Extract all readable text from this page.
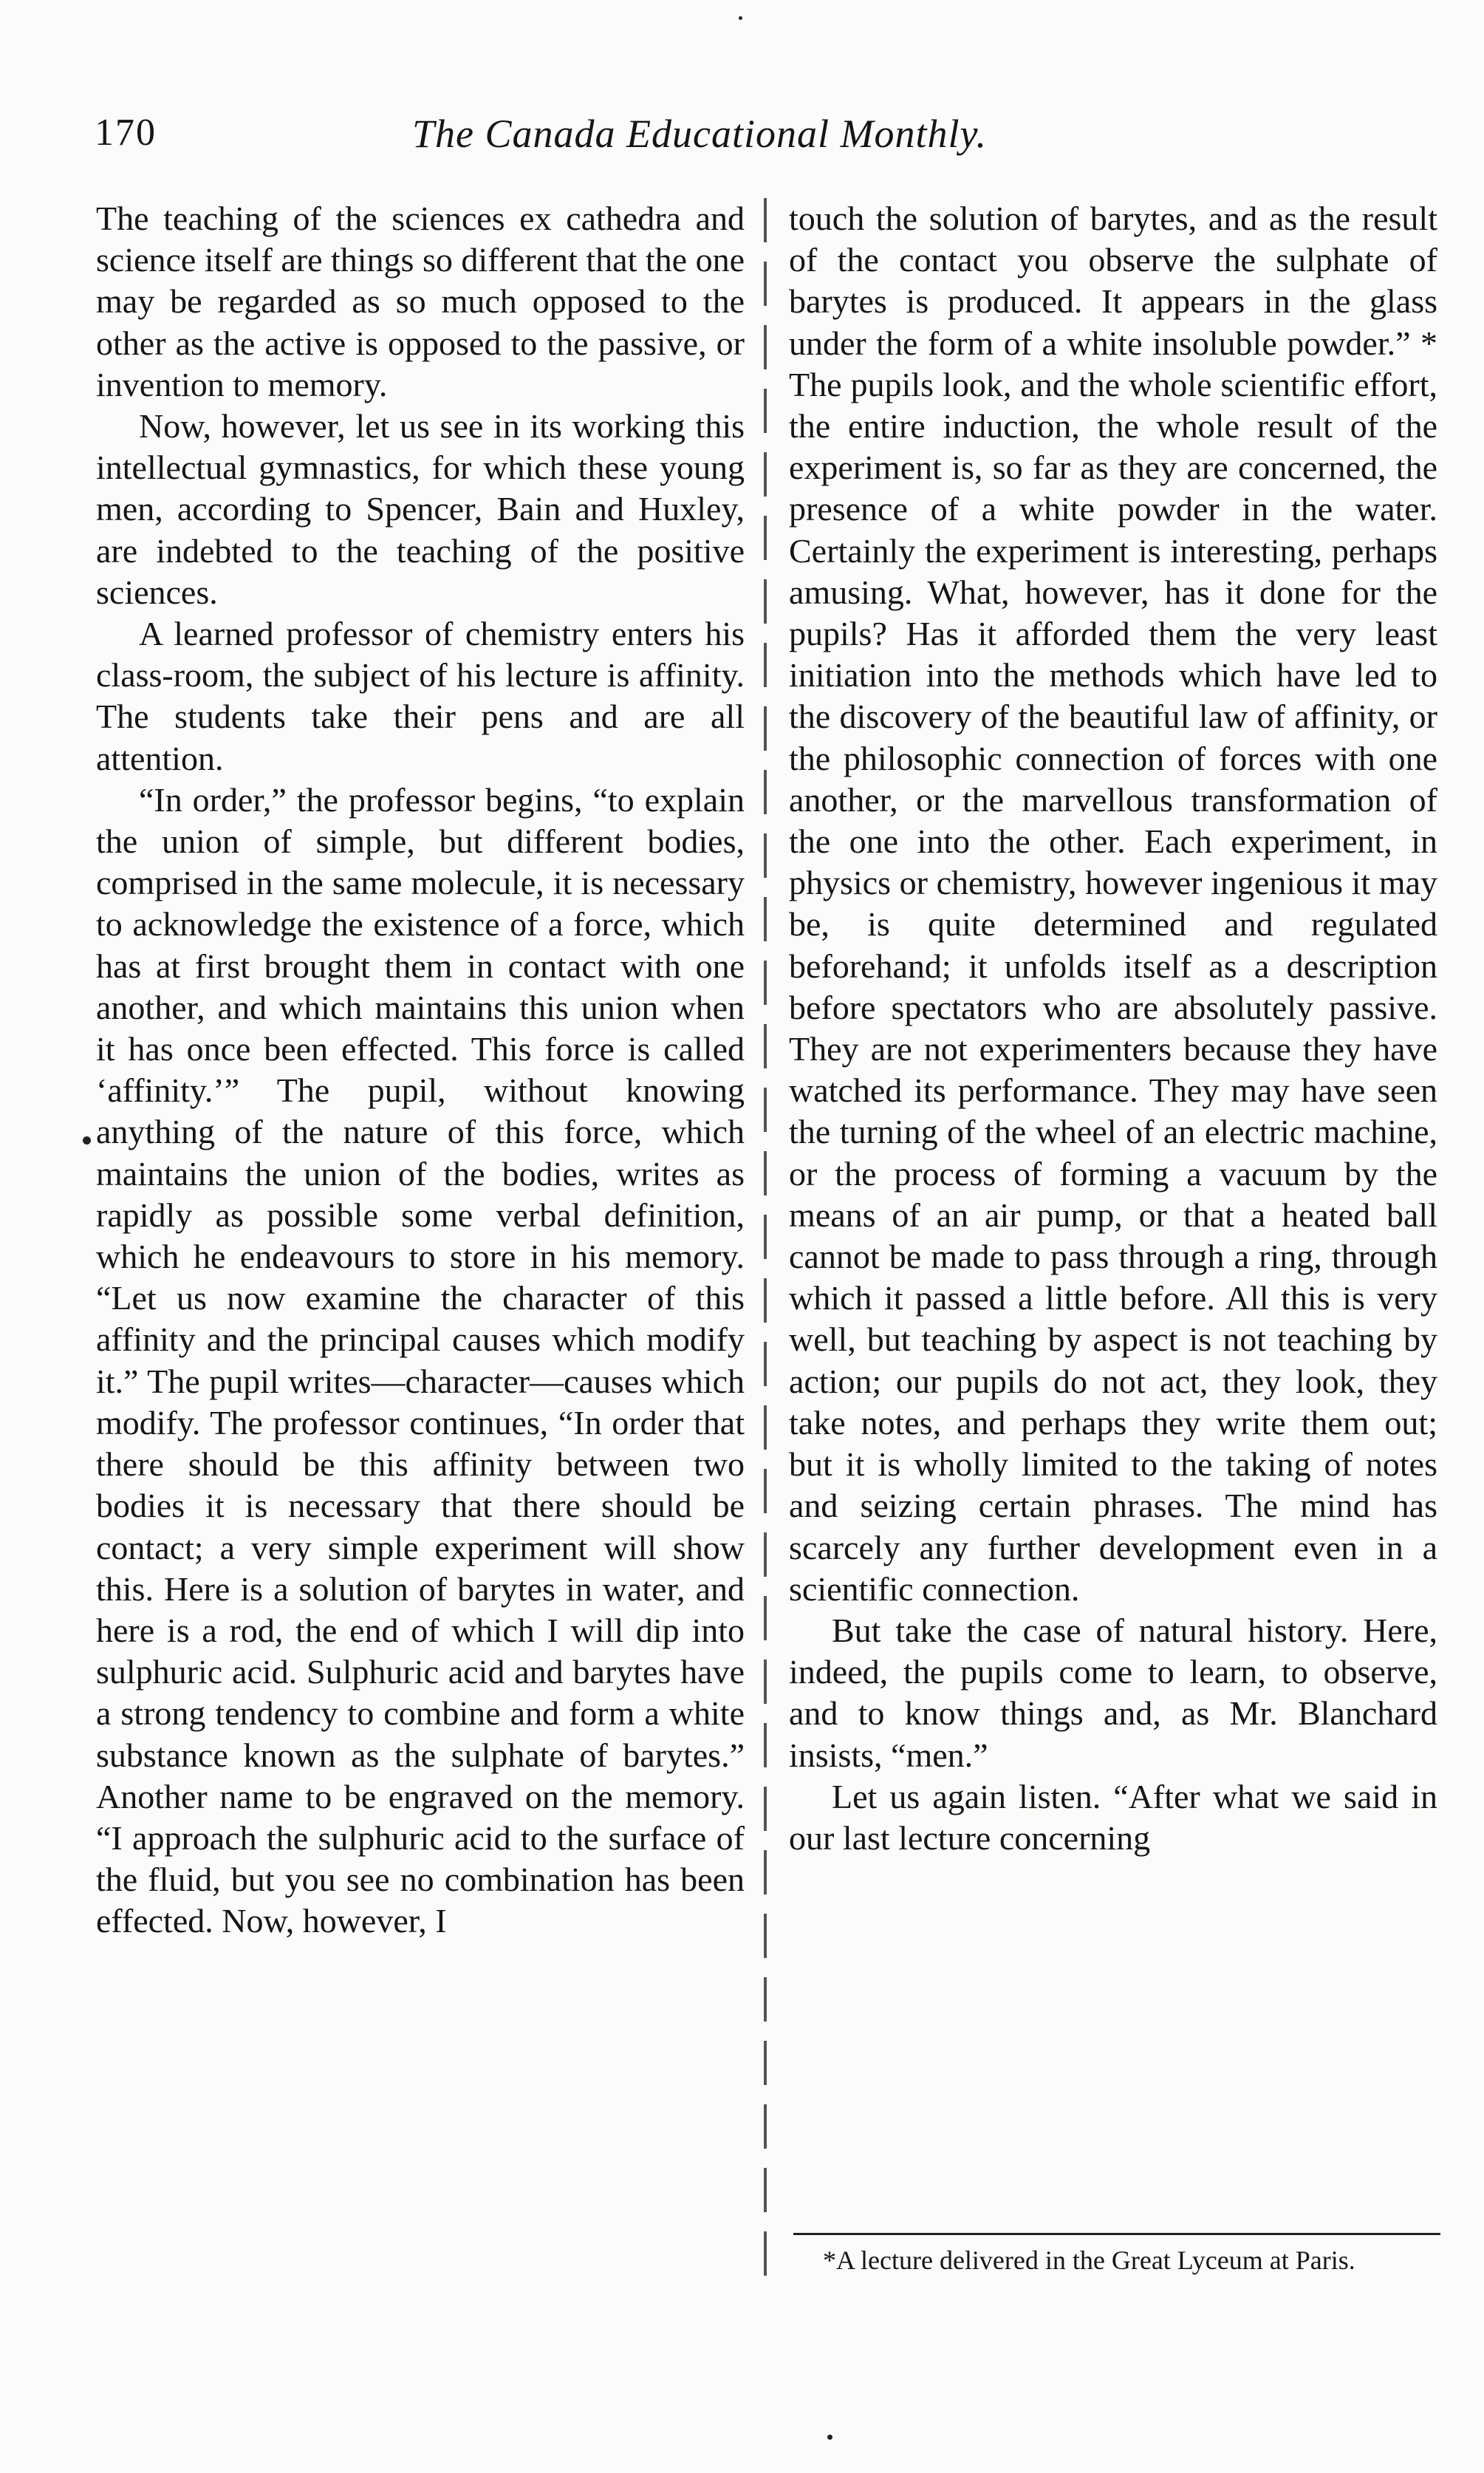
170	The Canada Educational Monthly.

The teaching of the sciences ex cathedra and science itself are things so different that the one may be regarded as so much opposed to the other as the active is opposed to the passive, or invention to memory.

Now, however, let us see in its working this intellectual gymnastics, for which these young men, according to Spencer, Bain and Huxley, are indebted to the teaching of the positive sciences.

A learned professor of chemistry enters his class-room, the subject of his lecture is affinity. The students take their pens and are all attention.

“In order,” the professor begins, “to explain the union of simple, but different bodies, comprised in the same molecule, it is necessary to acknowledge the existence of a force, which has at first brought them in contact with one another, and which maintains this union when it has once been effected. This force is called ‘affinity.’” The pupil, without knowing anything of the nature of this force, which maintains the union of the bodies, writes as rapidly as possible some verbal definition, which he endeavours to store in his memory. “Let us now examine the character of this affinity and the principal causes which modify it.” The pupil writes—character—causes which modify. The professor continues, “In order that there should be this affinity between two bodies it is necessary that there should be contact; a very simple experiment will show this. Here is a solution of barytes in water, and here is a rod, the end of which I will dip into sulphuric acid. Sulphuric acid and barytes have a strong tendency to combine and form a white substance known as the sulphate of barytes.” Another name to be engraved on the memory. “I approach the sulphuric acid to the surface of the fluid, but you see no combination has been effected. Now, however, I

touch the solution of barytes, and as the result of the contact you observe the sulphate of barytes is produced. It appears in the glass under the form of a white insoluble powder.” * The pupils look, and the whole scientific effort, the entire induction, the whole result of the experiment is, so far as they are concerned, the presence of a white powder in the water. Certainly the experiment is interesting, perhaps amusing. What, however, has it done for the pupils? Has it afforded them the very least initiation into the methods which have led to the discovery of the beautiful law of affinity, or the philosophic connection of forces with one another, or the marvellous transformation of the one into the other. Each experiment, in physics or chemistry, however ingenious it may be, is quite determined and regulated beforehand; it unfolds itself as a description before spectators who are absolutely passive. They are not experimenters because they have watched its performance. They may have seen the turning of the wheel of an electric machine, or the process of forming a vacuum by the means of an air pump, or that a heated ball cannot be made to pass through a ring, through which it passed a little before. All this is very well, but teaching by aspect is not teaching by action; our pupils do not act, they look, they take notes, and perhaps they write them out; but it is wholly limited to the taking of notes and seizing certain phrases. The mind has scarcely any further development even in a scientific connection.

But take the case of natural history. Here, indeed, the pupils come to learn, to observe, and to know things and, as Mr. Blanchard insists, “men.”

Let us again listen. “After what we said in our last lecture concerning

*A lecture delivered in the Great Lyceum at Paris.
